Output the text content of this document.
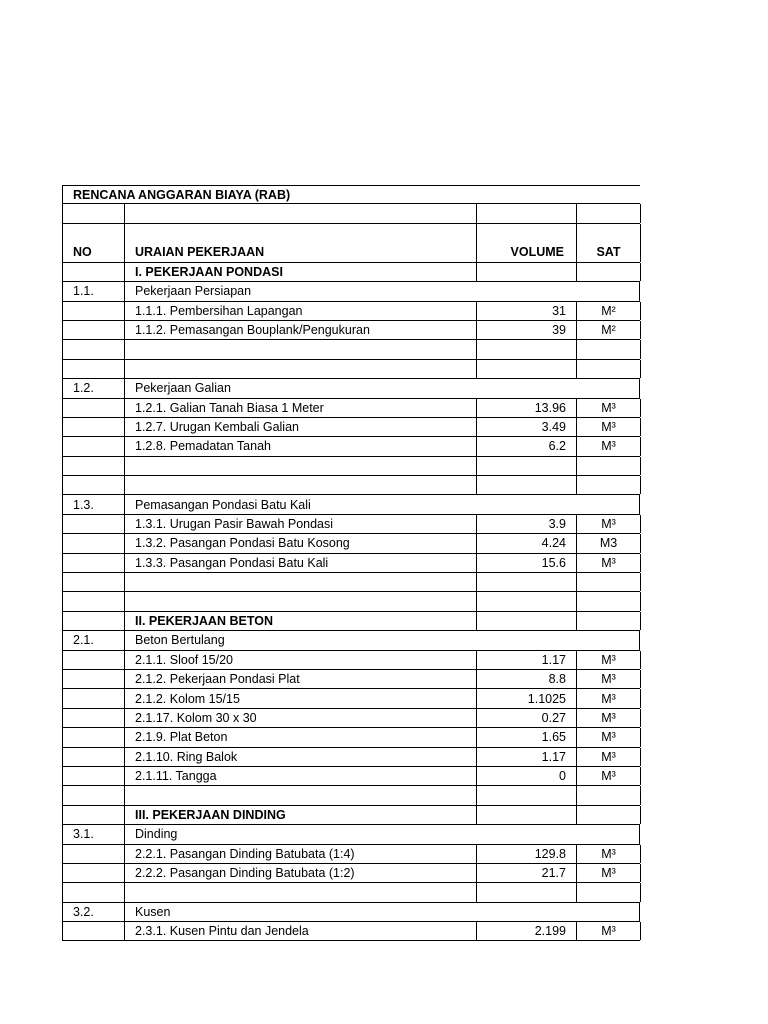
RENCANA ANGGARAN BIAYA (RAB)
NO	URAIAN PEKERJAAN	VOLUME	SAT
I. PEKERJAAN PONDASI
1.1.	Pekerjaan Persiapan
1.1.1. Pembersihan Lapangan	31	M²
1.1.2. Pemasangan Bouplank/Pengukuran	39	M²
1.2.	Pekerjaan Galian
1.2.1. Galian Tanah Biasa 1 Meter	13.96	M³
1.2.7. Urugan Kembali Galian	3.49	M³
1.2.8. Pemadatan Tanah	6.2	M³
1.3.	Pemasangan Pondasi Batu Kali
1.3.1. Urugan Pasir Bawah Pondasi	3.9	M³
1.3.2. Pasangan Pondasi Batu Kosong	4.24	M3
1.3.3. Pasangan Pondasi Batu Kali	15.6	M³
II. PEKERJAAN BETON
2.1.	Beton Bertulang
2.1.1. Sloof 15/20	1.17	M³
2.1.2. Pekerjaan Pondasi Plat	8.8	M³
2.1.2. Kolom 15/15	1.1025	M³
2.1.17. Kolom 30 x 30	0.27	M³
2.1.9. Plat Beton	1.65	M³
2.1.10. Ring Balok	1.17	M³
2.1.11. Tangga	0	M³
III. PEKERJAAN DINDING
3.1.	Dinding
2.2.1. Pasangan Dinding Batubata (1:4)	129.8	M³
2.2.2. Pasangan Dinding Batubata (1:2)	21.7	M³
3.2.	Kusen
2.3.1. Kusen Pintu dan Jendela	2.199	M³
